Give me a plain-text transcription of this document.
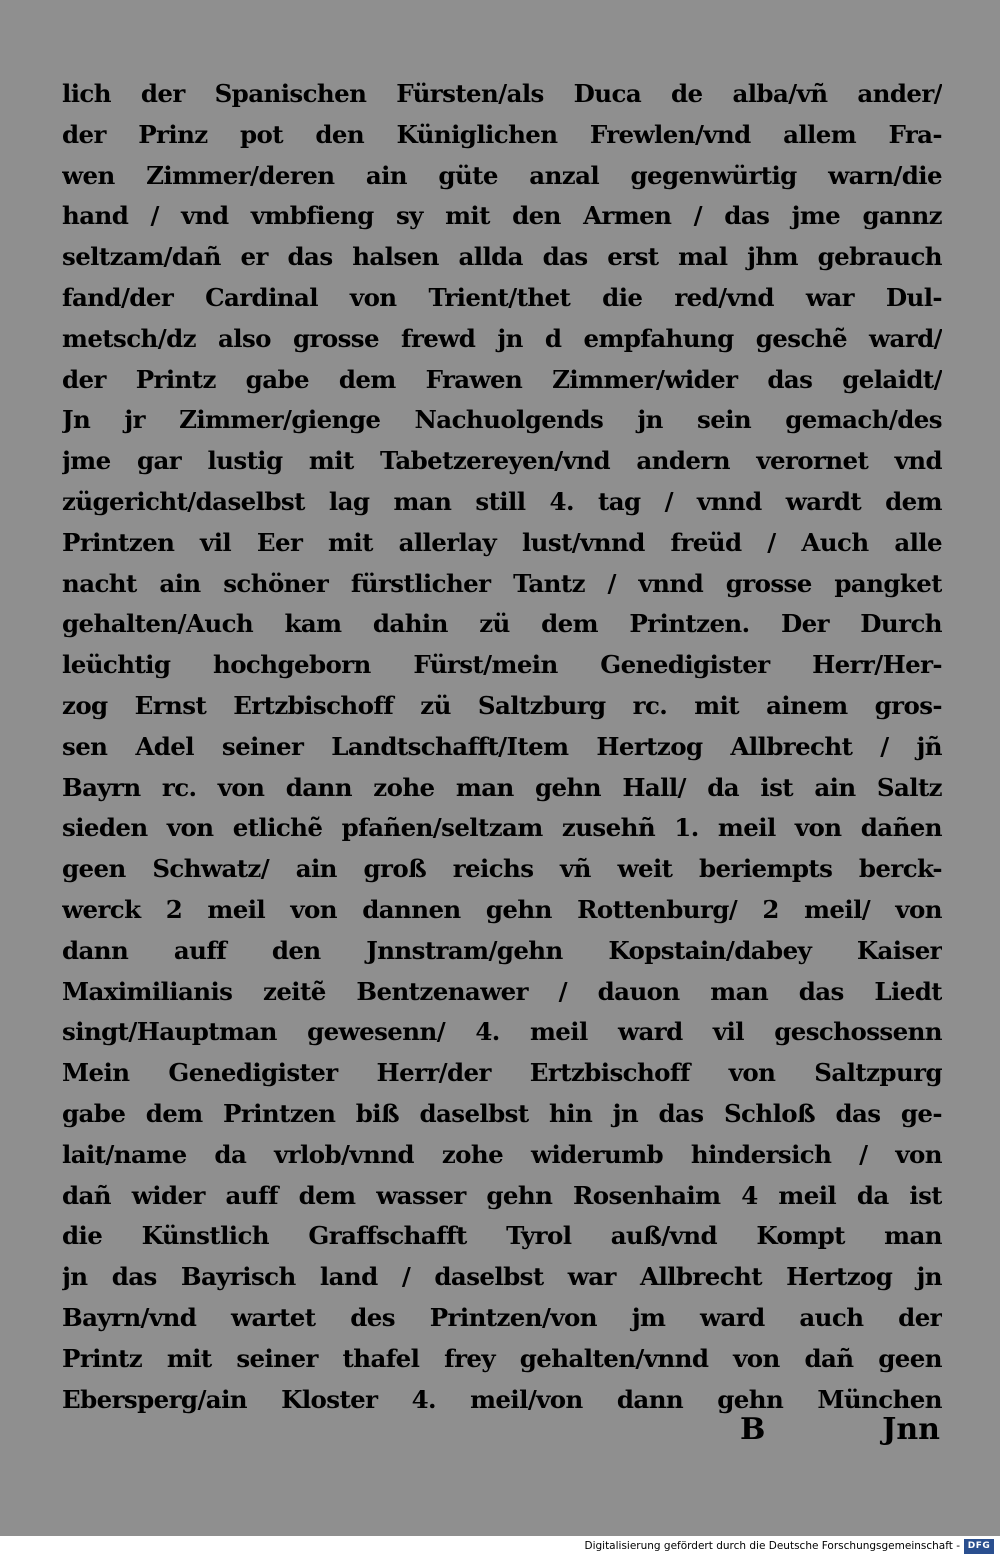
lich der Spanischen Fürsten/als Duca de alba/vñ ander/
der Prinz pot den Küniglichen Frewlen/vnd allem Fra-
wen Zimmer/deren ain güte anzal gegenwürtig warn/die
hand / vnd vmbfieng sy mit den Armen / das jme gannz
seltzam/dañ er das halsen allda das erst mal jhm gebrauch
fand/der Cardinal von Trient/thet die red/vnd war Dul-
metsch/dz also grosse frewd jn d empfahung geschẽ ward/
der Printz gabe dem Frawen Zimmer/wider das gelaidt/
Jn jr Zimmer/gienge Nachuolgends jn sein gemach/des
jme gar lustig mit Tabetzereyen/vnd andern verornet vnd
zügericht/daselbst lag man still 4. tag / vnnd wardt dem
Printzen vil Eer mit allerlay lust/vnnd freüd / Auch alle
nacht ain schöner fürstlicher Tantz / vnnd grosse pangket
gehalten/Auch kam dahin zü dem Printzen. Der Durch
leüchtig hochgeborn Fürst/mein Genedigister Herr/Her-
zog Ernst Ertzbischoff zü Saltzburg rc. mit ainem gros-
sen Adel seiner Landtschafft/Item Hertzog Allbrecht / jñ
Bayrn rc. von dann zohe man gehn Hall/ da ist ain Saltz
sieden von etlichẽ pfañen/seltzam zusehñ 1. meil von dañen
geen Schwatz/ ain groß reichs vñ weit beriempts berck-
werck 2 meil von dannen gehn Rottenburg/ 2 meil/ von
dann auff den Jnnstram/gehn Kopstain/dabey Kaiser
Maximilianis zeitẽ Bentzenawer / dauon man das Liedt
singt/Hauptman gewesenn/ 4. meil ward vil geschossenn
Mein Genedigister Herr/der Ertzbischoff von Saltzpurg
gabe dem Printzen biß daselbst hin jn das Schloß das ge-
lait/name da vrlob/vnnd zohe widerumb hindersich / von
dañ wider auff dem wasser gehn Rosenhaim 4 meil da ist
die Künstlich Graffschafft Tyrol auß/vnd Kompt man
jn das Bayrisch land / daselbst war Allbrecht Hertzog jn
Bayrn/vnd wartet des Printzen/von jm ward auch der
Printz mit seiner thafel frey gehalten/vnnd von dañ geen
Ebersperg/ain Kloster 4. meil/von dann gehn München
B	Jnn
Digitalisierung gefördert durch die Deutsche Forschungsgemeinschaft - DFG
